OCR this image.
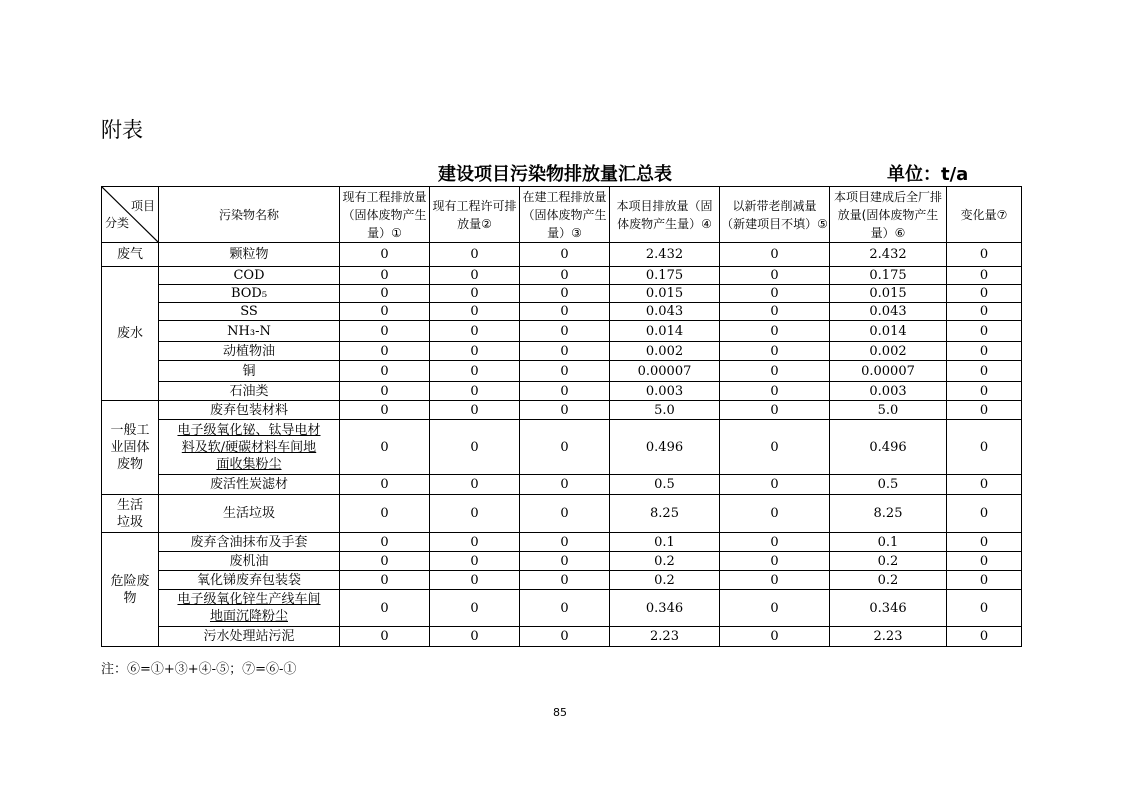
附表
建设项目污染物排放量汇总表	单位：t/a
项目
分类	污染物名称	现有工程排放量（固体废物产生量）①	现有工程许可排放量②	在建工程排放量（固体废物产生量）③	本项目排放量（固体废物产生量）④	以新带老削减量（新建项目不填）⑤	本项目建成后全厂排放量(固体废物产生量）⑥	变化量⑦
废气	颗粒物	0	0	0	2.432	0	2.432	0
废水	COD	0	0	0	0.175	0	0.175	0
	BOD₅	0	0	0	0.015	0	0.015	0
	SS	0	0	0	0.043	0	0.043	0
	NH₃-N	0	0	0	0.014	0	0.014	0
	动植物油	0	0	0	0.002	0	0.002	0
	铜	0	0	0	0.00007	0	0.00007	0
	石油类	0	0	0	0.003	0	0.003	0

一般工
业固体
废物	废弃包装材料	0	0	0	5.0	0	5.0	0

	电子级氧化铋、钛导电材
料及软/硬碳材料车间地
面收集粉尘	0	0	0	0.496	0	0.496	0
	废活性炭滤材	0	0	0	0.5	0	0.5	0

生活
垃圾	生活垃圾	0	0	0	8.25	0	8.25	0

危险废
物	废弃含油抹布及手套	0	0	0	0.1	0	0.1	0
	废机油	0	0	0	0.2	0	0.2	0
	氧化锑废弃包装袋	0	0	0	0.2	0	0.2	0

	电子级氧化锌生产线车间
地面沉降粉尘	0	0	0	0.346	0	0.346	0
	污水处理站污泥	0	0	0	2.23	0	2.23	0
注：⑥=①+③+④-⑤；⑦=⑥-①
85
